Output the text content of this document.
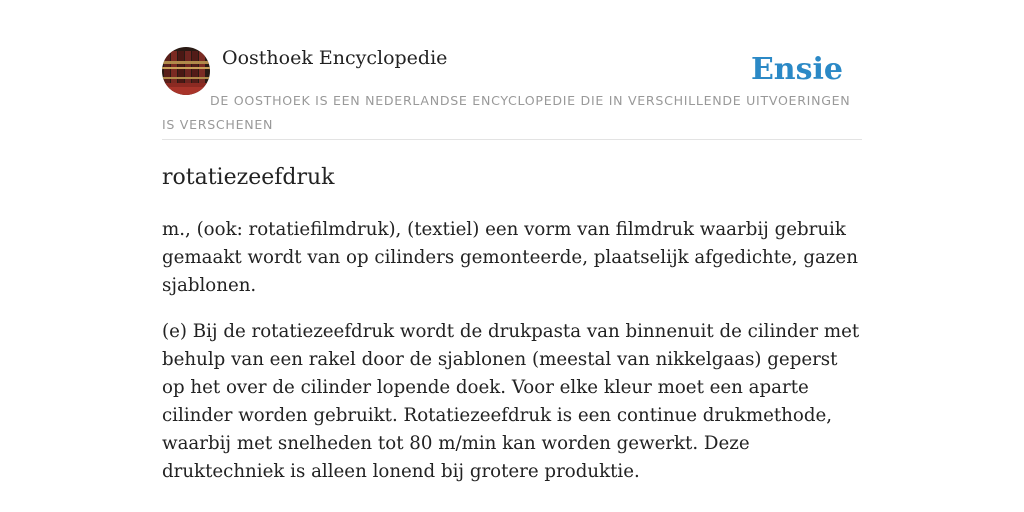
Oosthoek Encyclopedie	Ensie
DE OOSTHOEK IS EEN NEDERLANDSE ENCYCLOPEDIE DIE IN VERSCHILLENDE UITVOERINGEN IS VERSCHENEN
rotatiezeefdruk

m., (ook: rotatiefilmdruk), (textiel) een vorm van filmdruk waarbij gebruik gemaakt wordt van op cilinders gemonteerde, plaatselijk afgedichte, gazen sjablonen.

(e) Bij de rotatiezeefdruk wordt de drukpasta van binnenuit de cilinder met behulp van een rakel door de sjablonen (meestal van nikkelgaas) geperst op het over de cilinder lopende doek. Voor elke kleur moet een aparte cilinder worden gebruikt. Rotatiezeefdruk is een continue drukmethode, waarbij met snelheden tot 80 m/min kan worden gewerkt. Deze druktechniek is alleen lonend bij grotere produktie.
